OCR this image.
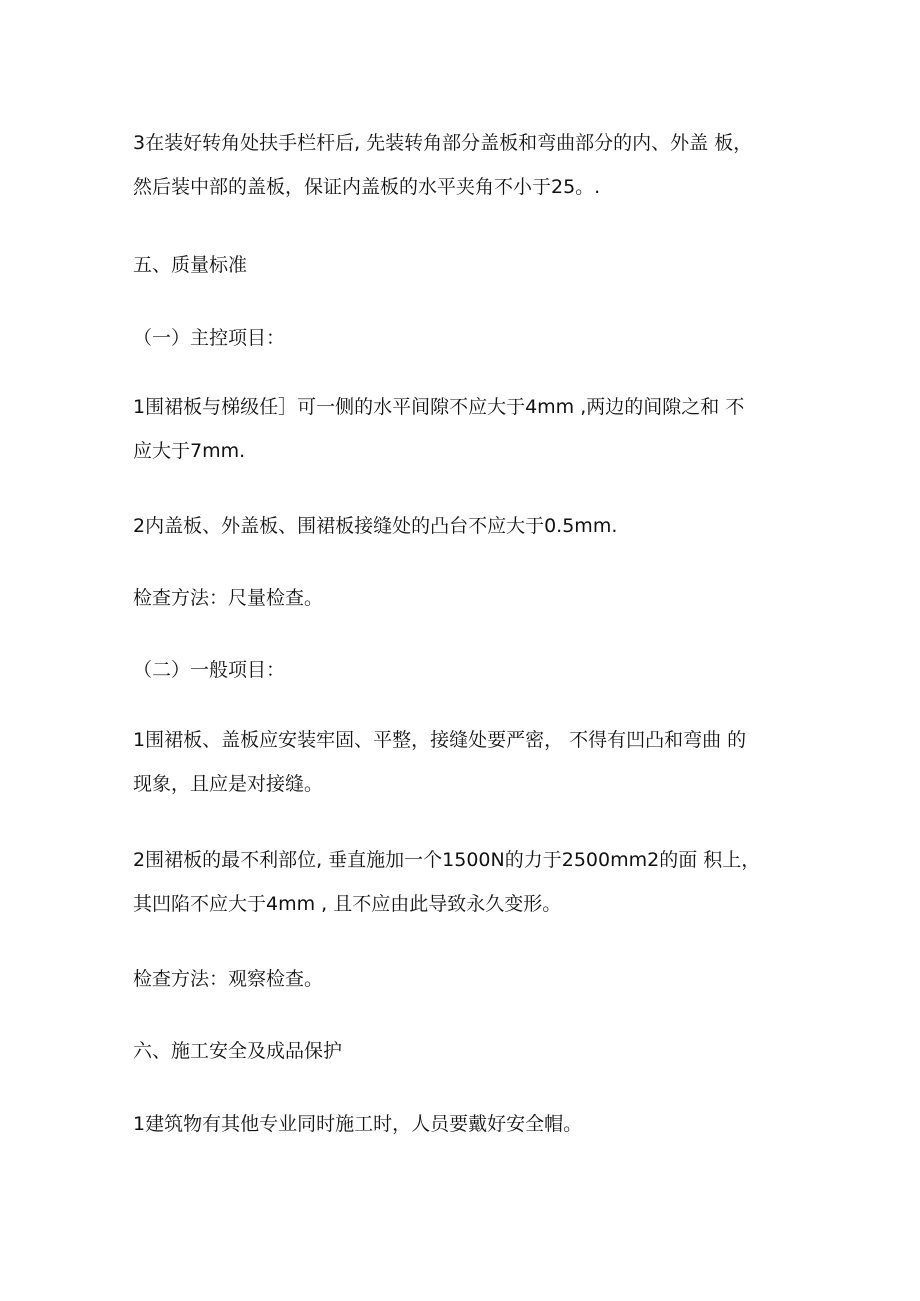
3在装好转角处扶手栏杆后, 先装转角部分盖板和弯曲部分的内、外盖 板，
然后装中部的盖板，保证内盖板的水平夹角不小于25。.
五、质量标准
（一）主控项目：
1围裙板与梯级任］可一侧的水平间隙不应大于4mm ,两边的间隙之和 不
应大于7mm.
2内盖板、外盖板、围裙板接缝处的凸台不应大于0.5mm.
检查方法：尺量检查。
（二）一般项目：
1围裙板、盖板应安装牢固、平整，接缝处要严密， 不得有凹凸和弯曲 的
现象，且应是对接缝。
2围裙板的最不利部位, 垂直施加一个1500N的力于2500mm2的面 积上，
其凹陷不应大于4mm , 且不应由此导致永久变形。
检查方法：观察检查。
六、施工安全及成品保护
1建筑物有其他专业同时施工时，人员要戴好安全帽。
